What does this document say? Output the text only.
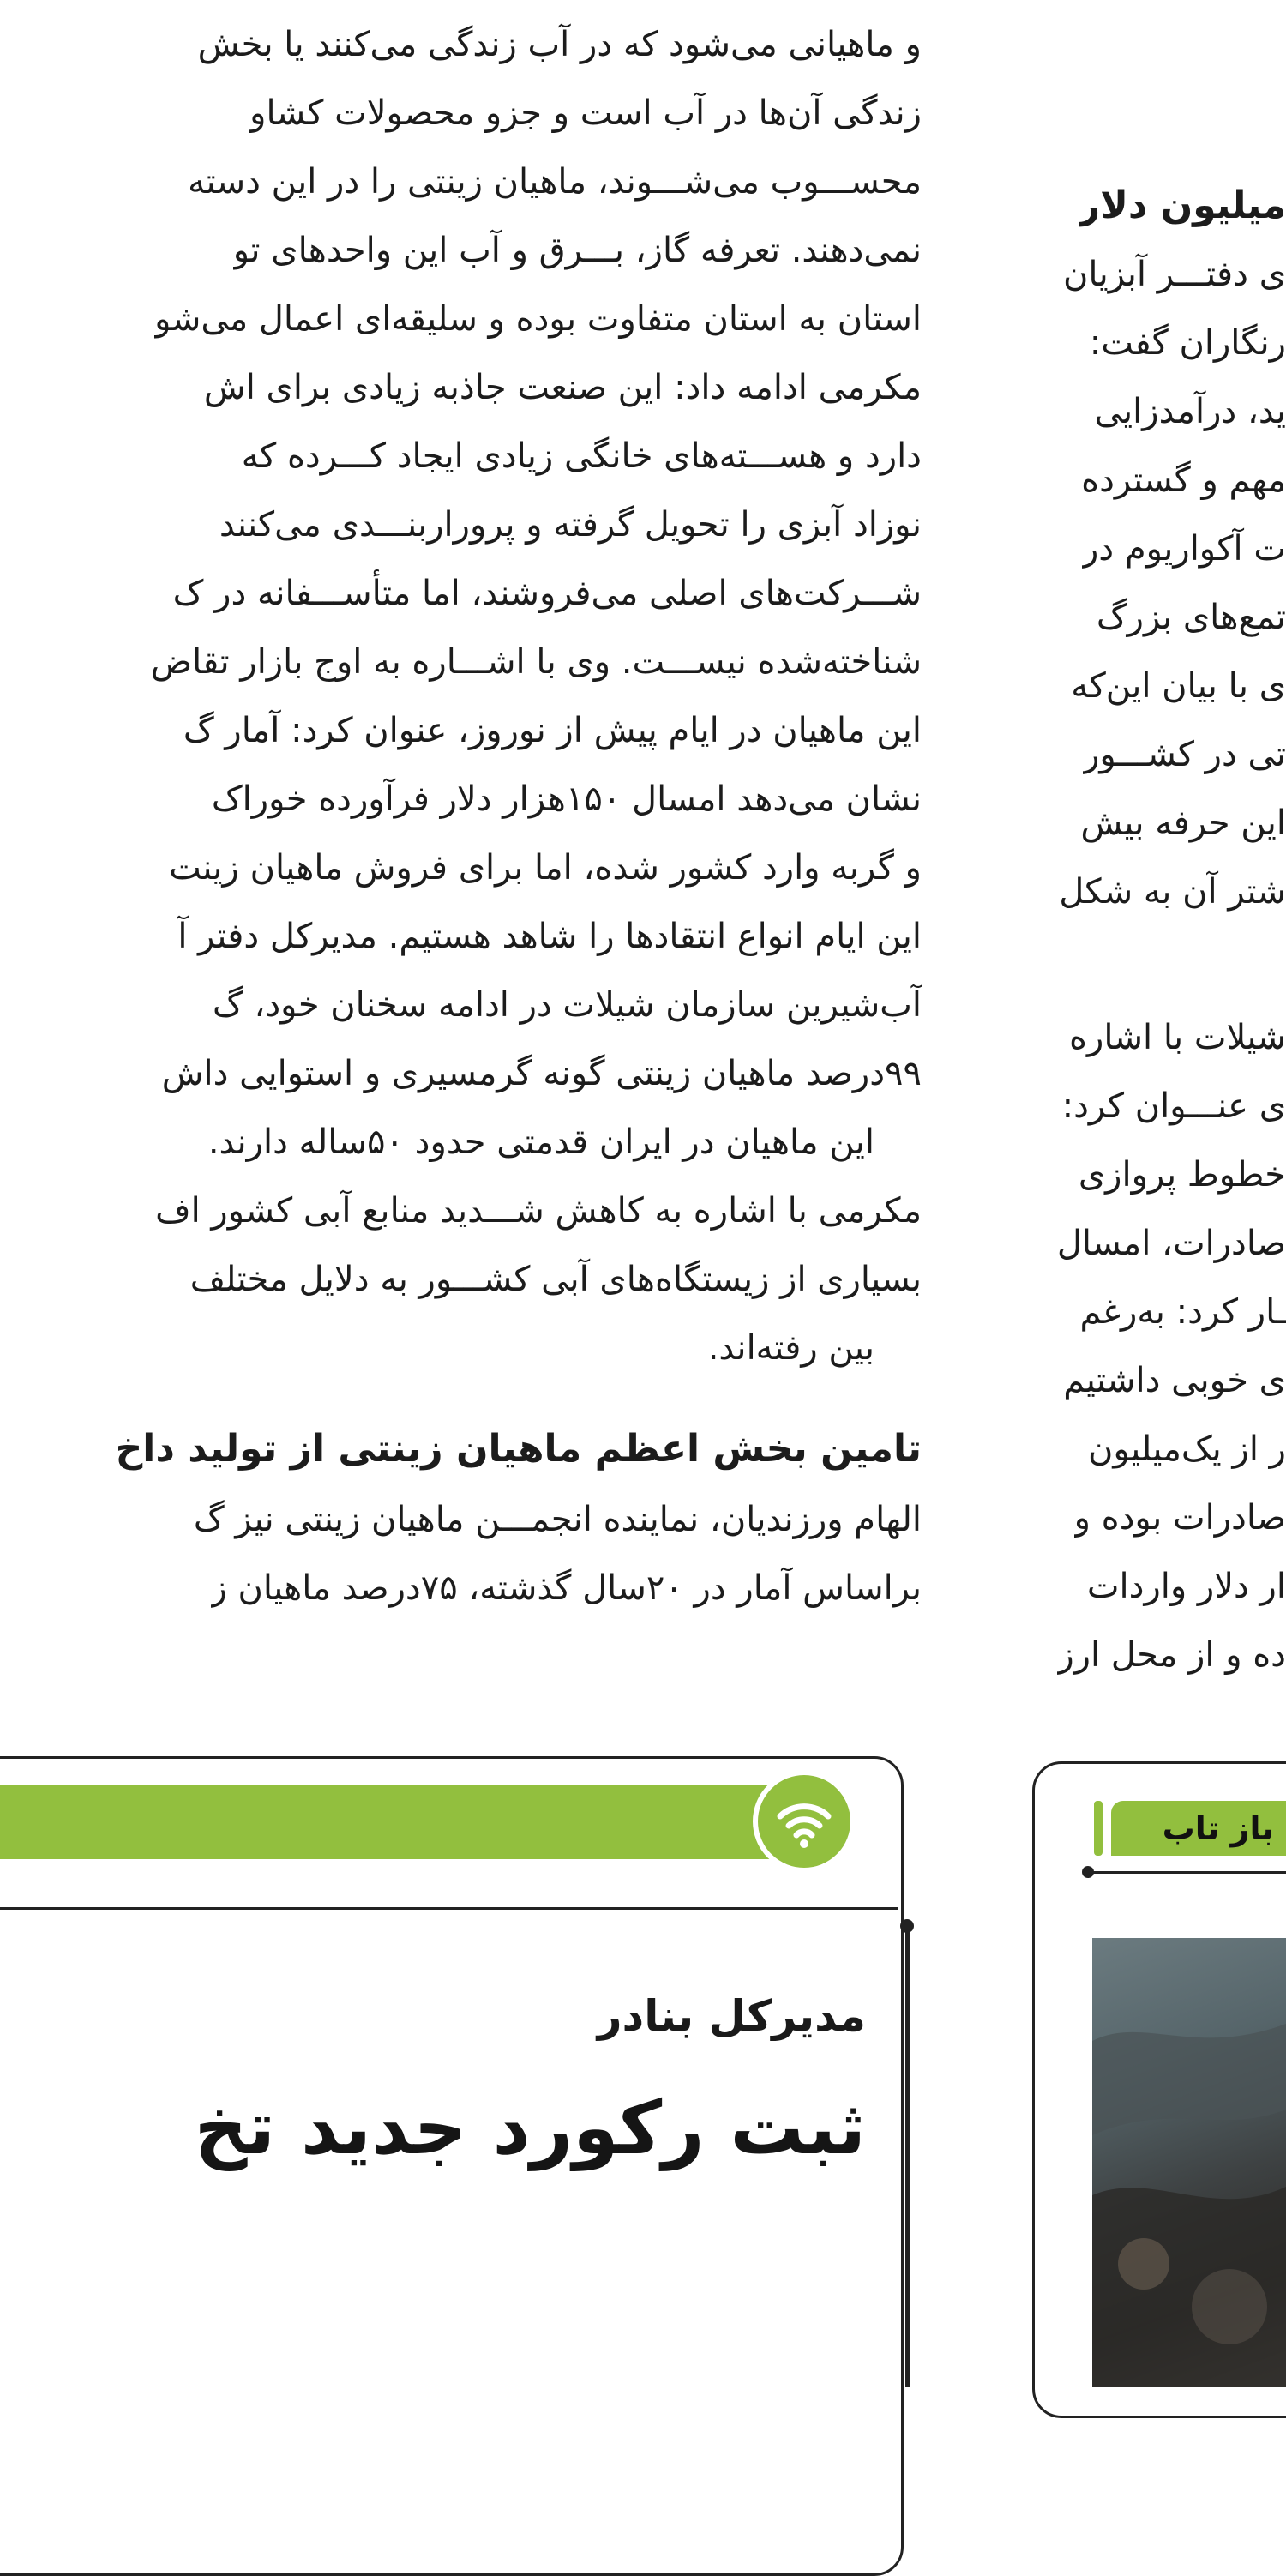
و ماهیانی می‌شود که در آب زندگی می‌کنند یا بخش
زندگی آن‌ها در آب است و جزو محصولات کشاو
محســـوب می‌شـــوند، ماهیان زینتی را در این دسته
نمی‌دهند. تعرفه گاز، بـــرق و آب این واحدهای تو
استان به استان متفاوت بوده و سلیقه‌ای اعمال می‌شو
مکرمی ادامه داد: این صنعت جاذبه زیادی برای اش
دارد و هســـته‌های خانگی زیادی ایجاد کـــرده که
نوزاد آبزی را تحویل گرفته و پروراربنـــدی می‌کنند
شـــرکت‌های اصلی می‌فروشند، اما متأســـفانه در ک
شناخته‌شده نیســـت. وی با اشـــاره به اوج بازار تقاض
این ماهیان در ایام پیش از نوروز، عنوان کرد: آمار گ
نشان می‌دهد امسال ۱۵۰هزار دلار فرآورده خوراک
و گربه وارد کشور شده، اما برای فروش ماهیان زینت
این ایام انواع انتقادها را شاهد هستیم. مدیرکل دفتر آ
آب‌شیرین سازمان شیلات در ادامه سخنان خود، گ
۹۹درصد ماهیان زینتی گونه گرمسیری و استوایی داش
این ماهیان در ایران قدمتی حدود ۵۰ساله دارند.
مکرمی با اشاره به کاهش شـــدید منابع آبی کشور اف
بسیاری از زیستگاه‌های آبی کشـــور به دلایل مختلف
بین رفته‌اند.
تامین بخش اعظم ماهیان زینتی از تولید داخ
الهام ورزندیان، نماینده انجمـــن ماهیان زینتی نیز گ
براساس آمار در ۲۰سال گذشته، ۷۵درصد ماهیان ز
میلیون دلار
ی دفتـــر آبزیان
رنگاران گفت:
ید، درآمدزایی
مهم و گسترده
ت آکواریوم در
تمع‌های بزرگ
ی با بیان این‌که
تی در کشـــور
این حرفه بیش
شتر آن به شکل
شیلات با اشاره
ی عنـــوان کرد:
خطوط پروازی
صادرات، امسال
ـار کرد: به‌رغم
ی خوبی داشتیم
ر از یک‌میلیون
صادرات بوده و
ار دلار واردات
ده و از محل ارز
مدیرکل بنادر
ثبت رکورد جدید تخ
باز تاب
